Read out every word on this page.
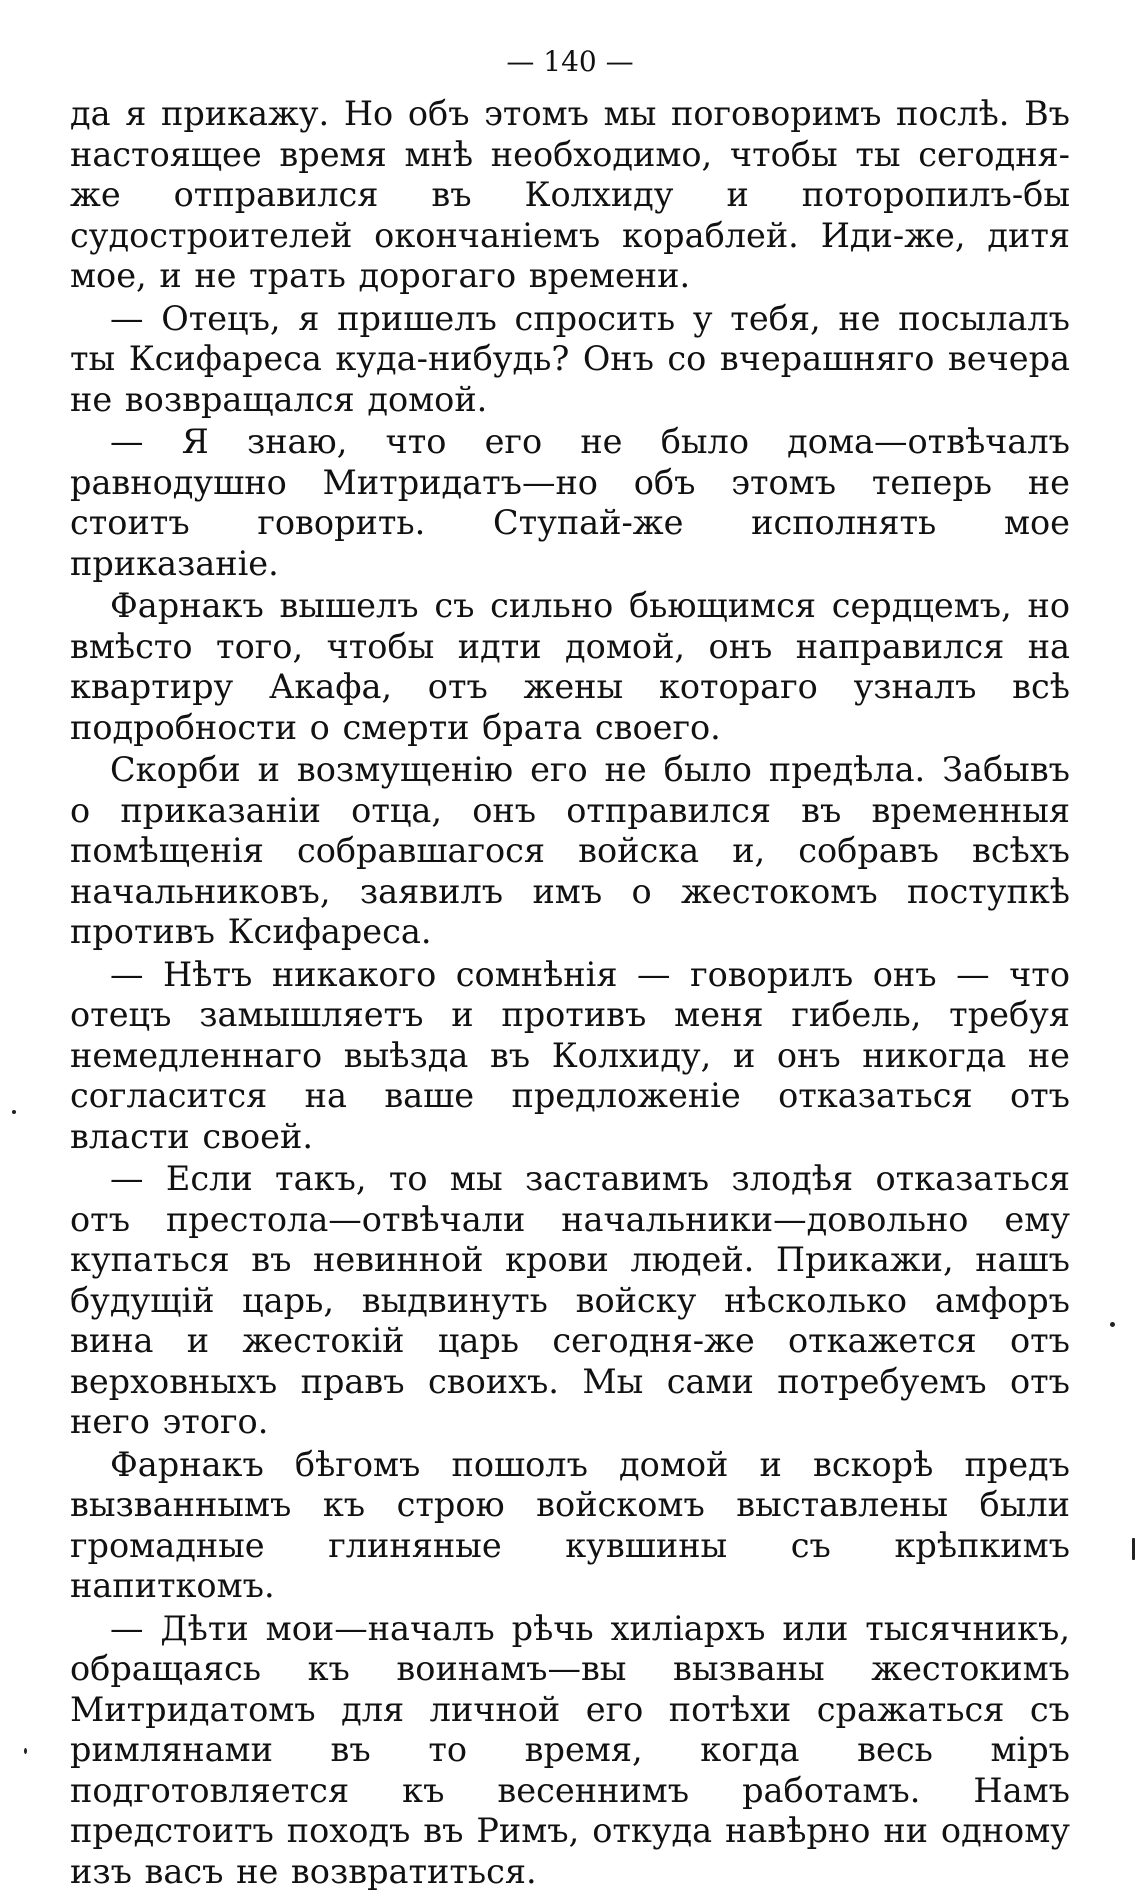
— 140 —

да я прикажу. Но объ этомъ мы поговоримъ послѣ. Въ настоящее время мнѣ необходимо, чтобы ты сегодня-же отправился въ Колхиду и поторопилъ-бы судостроителей окончанiемъ кораблей. Иди-же, дитя мое, и не трать дорогаго времени.

— Отецъ, я пришелъ спросить у тебя, не посылалъ ты Ксифареса куда-нибудь? Онъ со вчерашняго вечера не возвращался домой.

— Я знаю, что его не было дома—отвѣчалъ равнодушно Митридатъ—но объ этомъ теперь не стоитъ говорить. Ступай-же исполнять мое приказанiе.

Фарнакъ вышелъ съ сильно бьющимся сердцемъ, но вмѣсто того, чтобы идти домой, онъ направился на квартиру Акафа, отъ жены котораго узналъ всѣ подробности о смерти брата своего.

Скорби и возмущенiю его не было предѣла. Забывъ о приказанiи отца, онъ отправился въ временныя помѣщенiя собравшагося войска и, собравъ всѣхъ начальниковъ, заявилъ имъ о жестокомъ поступкѣ противъ Ксифареса.

— Нѣтъ никакого сомнѣнiя — говорилъ онъ — что отецъ замышляетъ и противъ меня гибель, требуя немедленнаго выѣзда въ Колхиду, и онъ никогда не согласится на ваше предложенiе отказаться отъ власти своей.

— Если такъ, то мы заставимъ злодѣя отказаться отъ престола—отвѣчали начальники—довольно ему купаться въ невинной крови людей. Прикажи, нашъ будущiй царь, выдвинуть войску нѣсколько амфоръ вина и жестокiй царь сегодня-же откажется отъ верховныхъ правъ своихъ. Мы сами потребуемъ отъ него этого.

Фарнакъ бѣгомъ пошолъ домой и вскорѣ предъ вызваннымъ къ строю войскомъ выставлены были громадные глиняные кувшины съ крѣпкимъ напиткомъ.

— Дѣти мои—началъ рѣчь хилiархъ или тысячникъ, обращаясь къ воинамъ—вы вызваны жестокимъ Митридатомъ для личной его потѣхи сражаться съ римлянами въ то время, когда весь мiръ подготовляется къ весеннимъ работамъ. Намъ предстоитъ походъ въ Римъ, откуда навѣрно ни одному изъ васъ не возвратиться.
